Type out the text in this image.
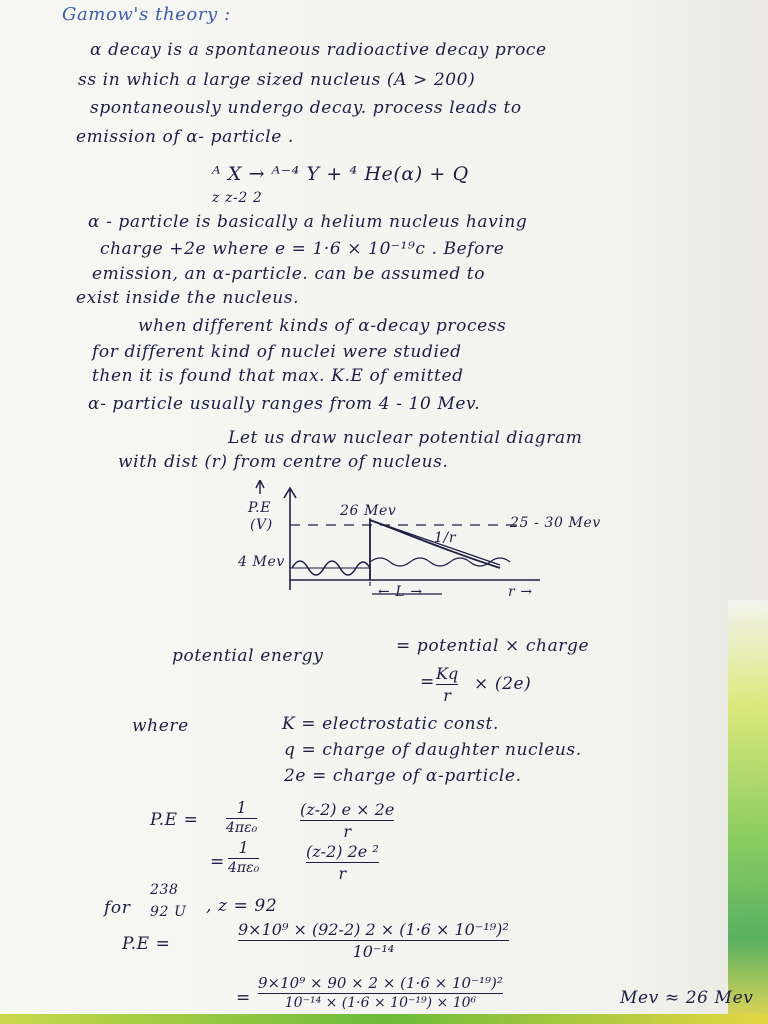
Gamow's theory :
α decay is a spontaneous radioactive decay proce
ss in which a large sized nucleus (A > 200)
spontaneously undergo decay. process leads to
emission of α- particle .
ᴬ X → ᴬ⁻⁴ Y + ⁴ He(α) + Q
z z-2 2
α - particle is basically a helium nucleus having
charge +2e where e = 1·6 × 10⁻¹⁹c . Before
emission, an α-particle. can be assumed to
exist inside the nucleus.
when different kinds of α-decay process
for different kind of nuclei were studied
then it is found that max. K.E of emitted
α- particle usually ranges from 4 - 10 Mev.
Let us draw nuclear potential diagram
with dist (r) from centre of nucleus.
P.E
(V)
26 Mev
25 - 30 Mev
4 Mev
1/r
← L →	r →
potential energy	= potential × charge
= Kq
r
× (2e)
where	K = electrostatic const.
q = charge of daughter nucleus.
2e = charge of α-particle.
P.E =
1
4πε₀
(z-2) e × 2e
r
=
1
4πε₀
(z-2) 2e ²
r
238
for 92 U , z = 92
P.E =
9×10⁹ × (92-2) 2 × (1·6 × 10⁻¹⁹)²
10⁻¹⁴
=
9×10⁹ × 90 × 2 × (1·6 × 10⁻¹⁹)²
10⁻¹⁴ × (1·6 × 10⁻¹⁹) × 10⁶	Mev ≈ 26 Mev
